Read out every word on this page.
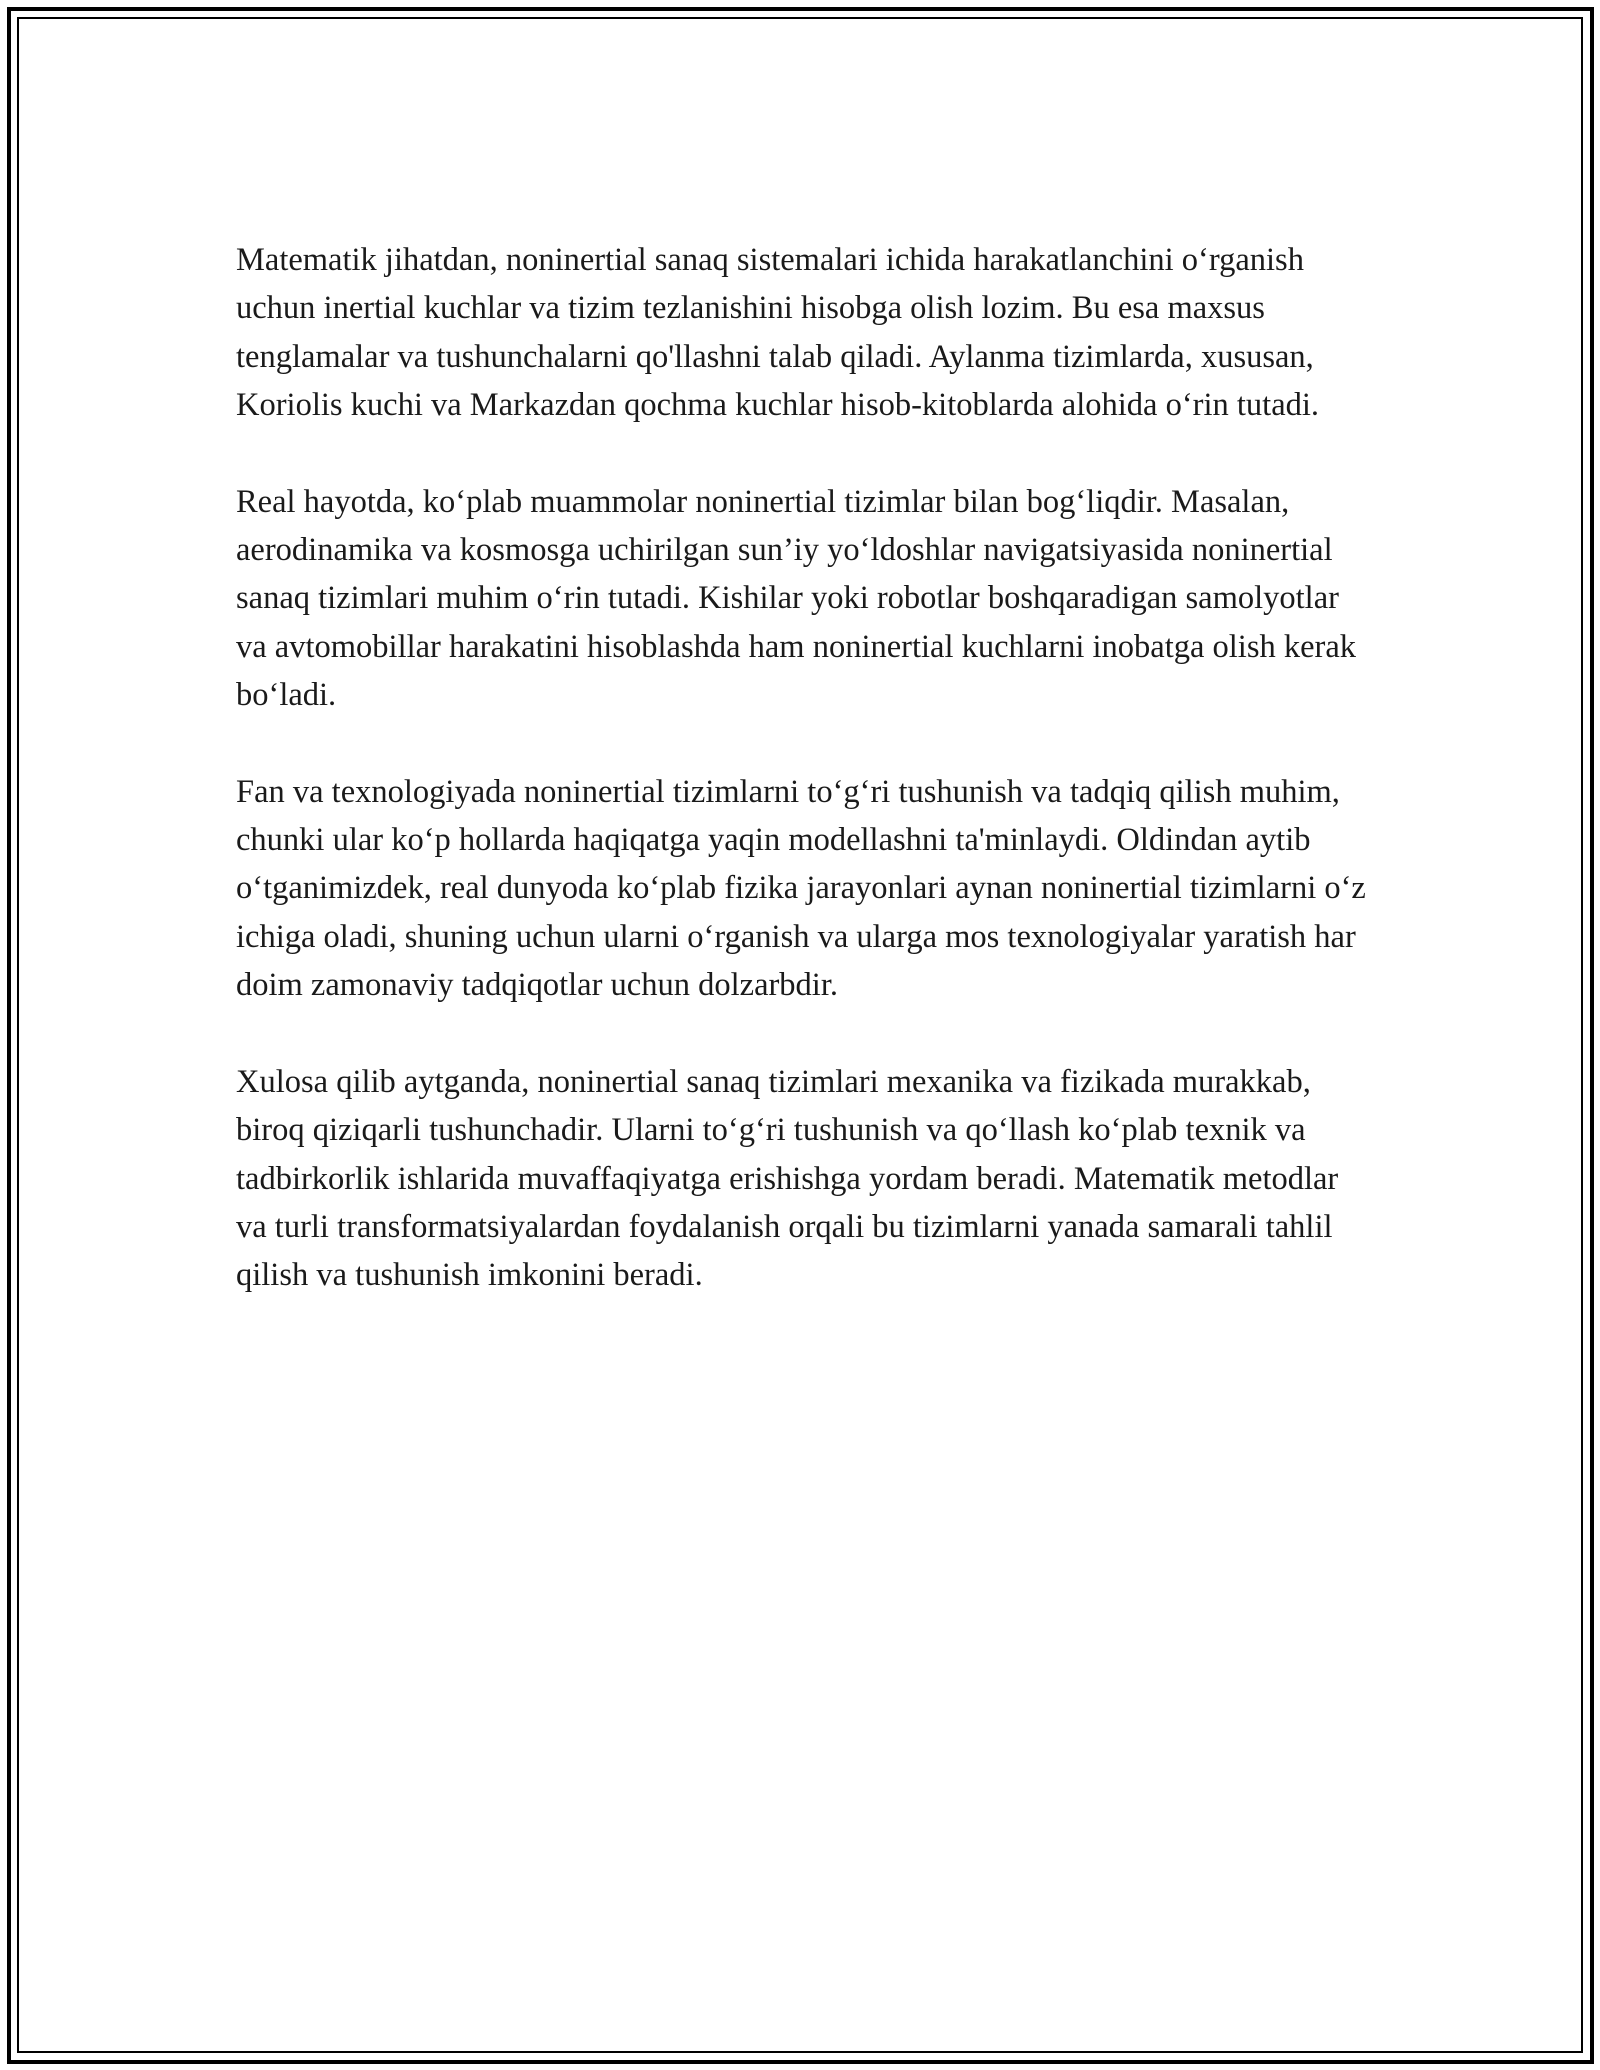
Matematik jihatdan, noninertial sanaq sistemalari ichida harakatlanchini o‘rganish uchun inertial kuchlar va tizim tezlanishini hisobga olish lozim. Bu esa maxsus tenglamalar va tushunchalarni qo'llashni talab qiladi. Aylanma tizimlarda, xususan, Koriolis kuchi va Markazdan qochma kuchlar hisob-kitoblarda alohida o‘rin tutadi.

Real hayotda, ko‘plab muammolar noninertial tizimlar bilan bog‘liqdir. Masalan, aerodinamika va kosmosga uchirilgan sun’iy yo‘ldoshlar navigatsiyasida noninertial sanaq tizimlari muhim o‘rin tutadi. Kishilar yoki robotlar boshqaradigan samolyotlar va avtomobillar harakatini hisoblashda ham noninertial kuchlarni inobatga olish kerak bo‘ladi.

Fan va texnologiyada noninertial tizimlarni to‘g‘ri tushunish va tadqiq qilish muhim, chunki ular ko‘p hollarda haqiqatga yaqin modellashni ta'minlaydi. Oldindan aytib o‘tganimizdek, real dunyoda ko‘plab fizika jarayonlari aynan noninertial tizimlarni o‘z ichiga oladi, shuning uchun ularni o‘rganish va ularga mos texnologiyalar yaratish har doim zamonaviy tadqiqotlar uchun dolzarbdir.

Xulosa qilib aytganda, noninertial sanaq tizimlari mexanika va fizikada murakkab, biroq qiziqarli tushunchadir. Ularni to‘g‘ri tushunish va qo‘llash ko‘plab texnik va tadbirkorlik ishlarida muvaffaqiyatga erishishga yordam beradi. Matematik metodlar va turli transformatsiyalardan foydalanish orqali bu tizimlarni yanada samarali tahlil qilish va tushunish imkonini beradi.
